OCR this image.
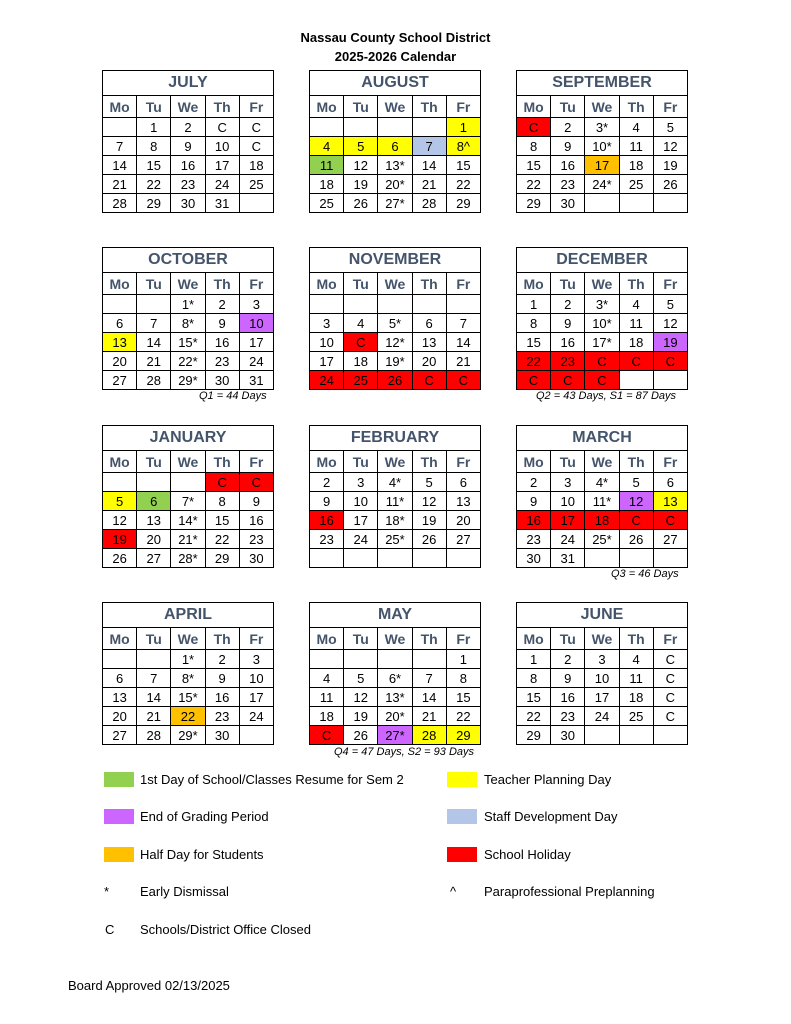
Nassau County School District
2025-2026 Calendar
JULY				
Mo	Tu	We	Th	Fr
	1	2	C	C
7	8	9	10	C
14	15	16	17	18
21	22	23	24	25
28	29	30	31	
AUGUST				
Mo	Tu	We	Th	Fr
				1
4	5	6	7	8^
11	12	13*	14	15
18	19	20*	21	22
25	26	27*	28	29
SEPTEMBER				
Mo	Tu	We	Th	Fr
C	2	3*	4	5
8	9	10*	11	12
15	16	17	18	19
22	23	24*	25	26
29	30			
OCTOBER				
Mo	Tu	We	Th	Fr
		1*	2	3
6	7	8*	9	10
13	14	15*	16	17
20	21	22*	23	24
27	28	29*	30	31
NOVEMBER				
Mo	Tu	We	Th	Fr

3	4	5*	6	7
10	C	12*	13	14
17	18	19*	20	21
24	25	26	C	C
DECEMBER				
Mo	Tu	We	Th	Fr
1	2	3*	4	5
8	9	10*	11	12
15	16	17*	18	19
22	23	C	C	C
C	C	C		
JANUARY				
Mo	Tu	We	Th	Fr
			C	C
5	6	7*	8	9
12	13	14*	15	16
19	20	21*	22	23
26	27	28*	29	30
FEBRUARY				
Mo	Tu	We	Th	Fr
2	3	4*	5	6
9	10	11*	12	13
16	17	18*	19	20
23	24	25*	26	27

MARCH				
Mo	Tu	We	Th	Fr
2	3	4*	5	6
9	10	11*	12	13
16	17	18	C	C
23	24	25*	26	27
30	31			
APRIL				
Mo	Tu	We	Th	Fr
		1*	2	3
6	7	8*	9	10
13	14	15*	16	17
20	21	22	23	24
27	28	29*	30	
MAY				
Mo	Tu	We	Th	Fr
				1
4	5	6*	7	8
11	12	13*	14	15
18	19	20*	21	22
C	26	27*	28	29
JUNE				
Mo	Tu	We	Th	Fr
1	2	3	4	C
8	9	10	11	C
15	16	17	18	C
22	23	24	25	C
29	30			
Q1 = 44 Days	Q2 = 43 Days, S1 = 87 Days
Q3 = 46 Days
Q4 = 47 Days, S2 = 93 Days
1st Day of School/Classes Resume for Sem 2	Teacher Planning Day
End of Grading Period	Staff Development Day
Half Day for Students	School Holiday
* Early Dismissal	^ Paraprofessional Preplanning
C Schools/District Office Closed
Board Approved 02/13/2025
